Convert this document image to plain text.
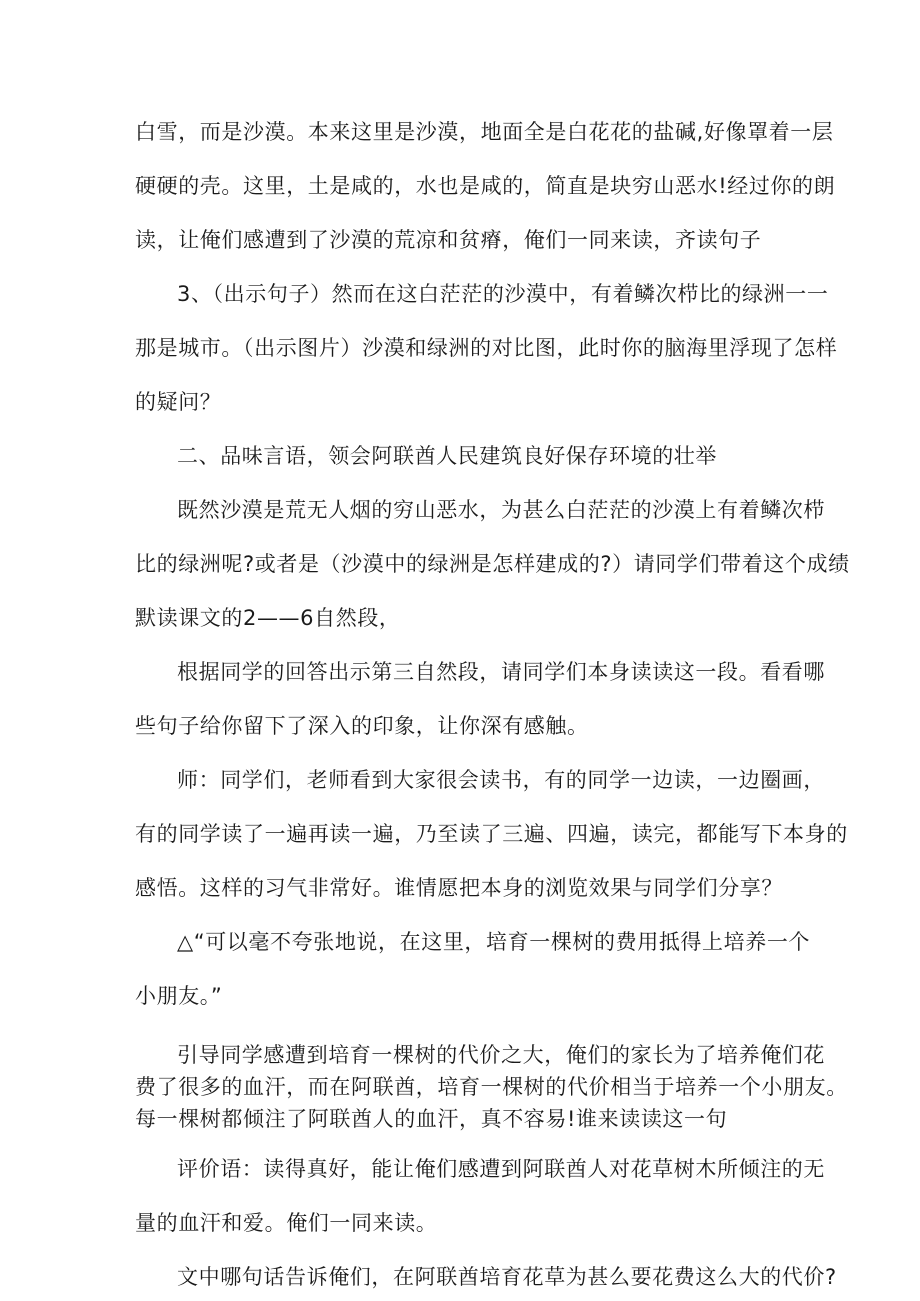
白雪，而是沙漠。本来这里是沙漠，地面全是白花花的盐碱,好像罩着一层
硬硬的壳。这里，土是咸的，水也是咸的，简直是块穷山恶水!经过你的朗
读，让俺们感遭到了沙漠的荒凉和贫瘠，俺们一同来读，齐读句子
3、（出示句子）然而在这白茫茫的沙漠中，有着鳞次栉比的绿洲一一
那是城市。（出示图片）沙漠和绿洲的对比图，此时你的脑海里浮现了怎样
的疑问？
二、品味言语，领会阿联酋人民建筑良好保存环境的壮举
既然沙漠是荒无人烟的穷山恶水，为甚么白茫茫的沙漠上有着鳞次栉
比的绿洲呢?或者是（沙漠中的绿洲是怎样建成的?）请同学们带着这个成绩
默读课文的2——6自然段，
根据同学的回答出示第三自然段，请同学们本身读读这一段。看看哪
些句子给你留下了深入的印象，让你深有感触。
师：同学们，老师看到大家很会读书，有的同学一边读，一边圈画，
有的同学读了一遍再读一遍，乃至读了三遍、四遍，读完，都能写下本身的
感悟。这样的习气非常好。谁情愿把本身的浏览效果与同学们分享？
△“可以毫不夸张地说，在这里，培育一棵树的费用抵得上培养一个
小朋友。”
引导同学感遭到培育一棵树的代价之大，俺们的家长为了培养俺们花
费了很多的血汗，而在阿联酋，培育一棵树的代价相当于培养一个小朋友。
每一棵树都倾注了阿联酋人的血汗，真不容易!谁来读读这一句
评价语：读得真好，能让俺们感遭到阿联酋人对花草树木所倾注的无
量的血汗和爱。俺们一同来读。
文中哪句话告诉俺们，在阿联酋培育花草为甚么要花费这么大的代价?
